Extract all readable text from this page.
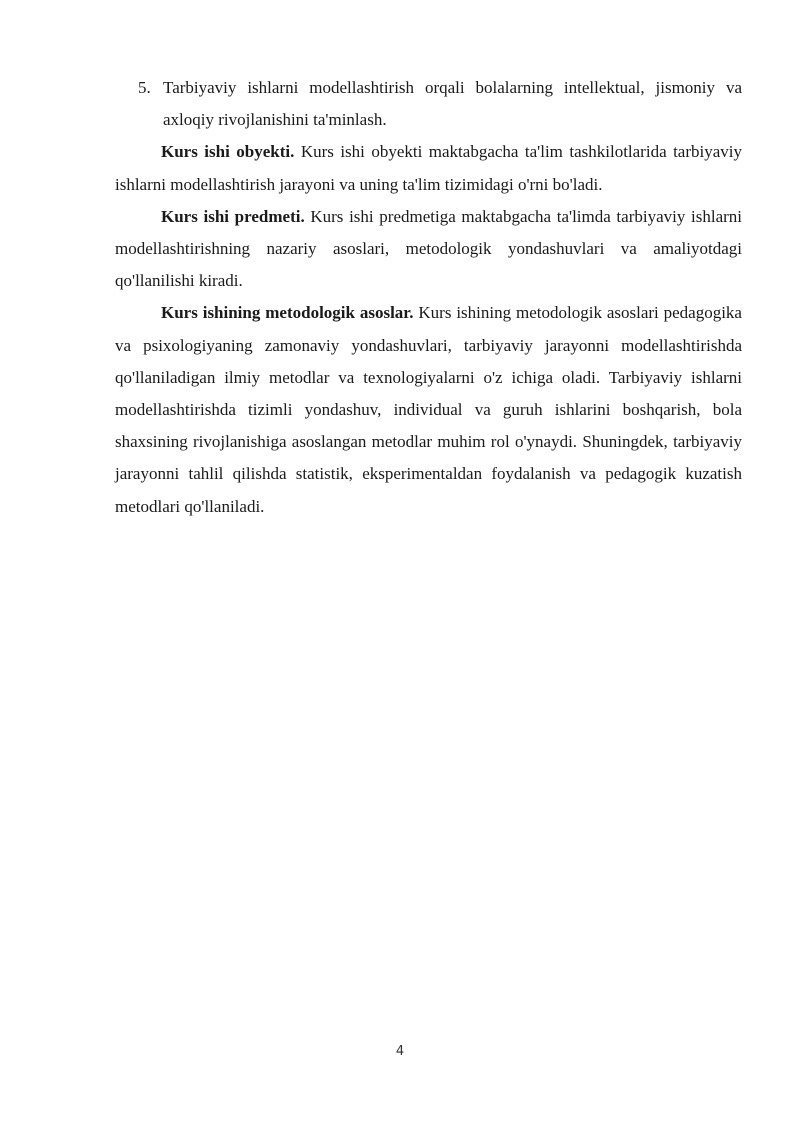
5. Tarbiyaviy ishlarni modellashtirish orqali bolalarning intellektual, jismoniy va axloqiy rivojlanishini ta'minlash.

Kurs ishi obyekti. Kurs ishi obyekti maktabgacha ta'lim tashkilotlarida tarbiyaviy ishlarni modellashtirish jarayoni va uning ta'lim tizimidagi o'rni bo'ladi.

Kurs ishi predmeti. Kurs ishi predmetiga maktabgacha ta'limda tarbiyaviy ishlarni modellashtirishning nazariy asoslari, metodologik yondashuvlari va amaliyotdagi qo'llanilishi kiradi.

Kurs ishining metodologik asoslar. Kurs ishining metodologik asoslari pedagogika va psixologiyaning zamonaviy yondashuvlari, tarbiyaviy jarayonni modellashtirishda qo'llaniladigan ilmiy metodlar va texnologiyalarni o'z ichiga oladi. Tarbiyaviy ishlarni modellashtirishda tizimli yondashuv, individual va guruh ishlarini boshqarish, bola shaxsining rivojlanishiga asoslangan metodlar muhim rol o'ynaydi. Shuningdek, tarbiyaviy jarayonni tahlil qilishda statistik, eksperimentaldan foydalanish va pedagogik kuzatish metodlari qo'llaniladi.

4
